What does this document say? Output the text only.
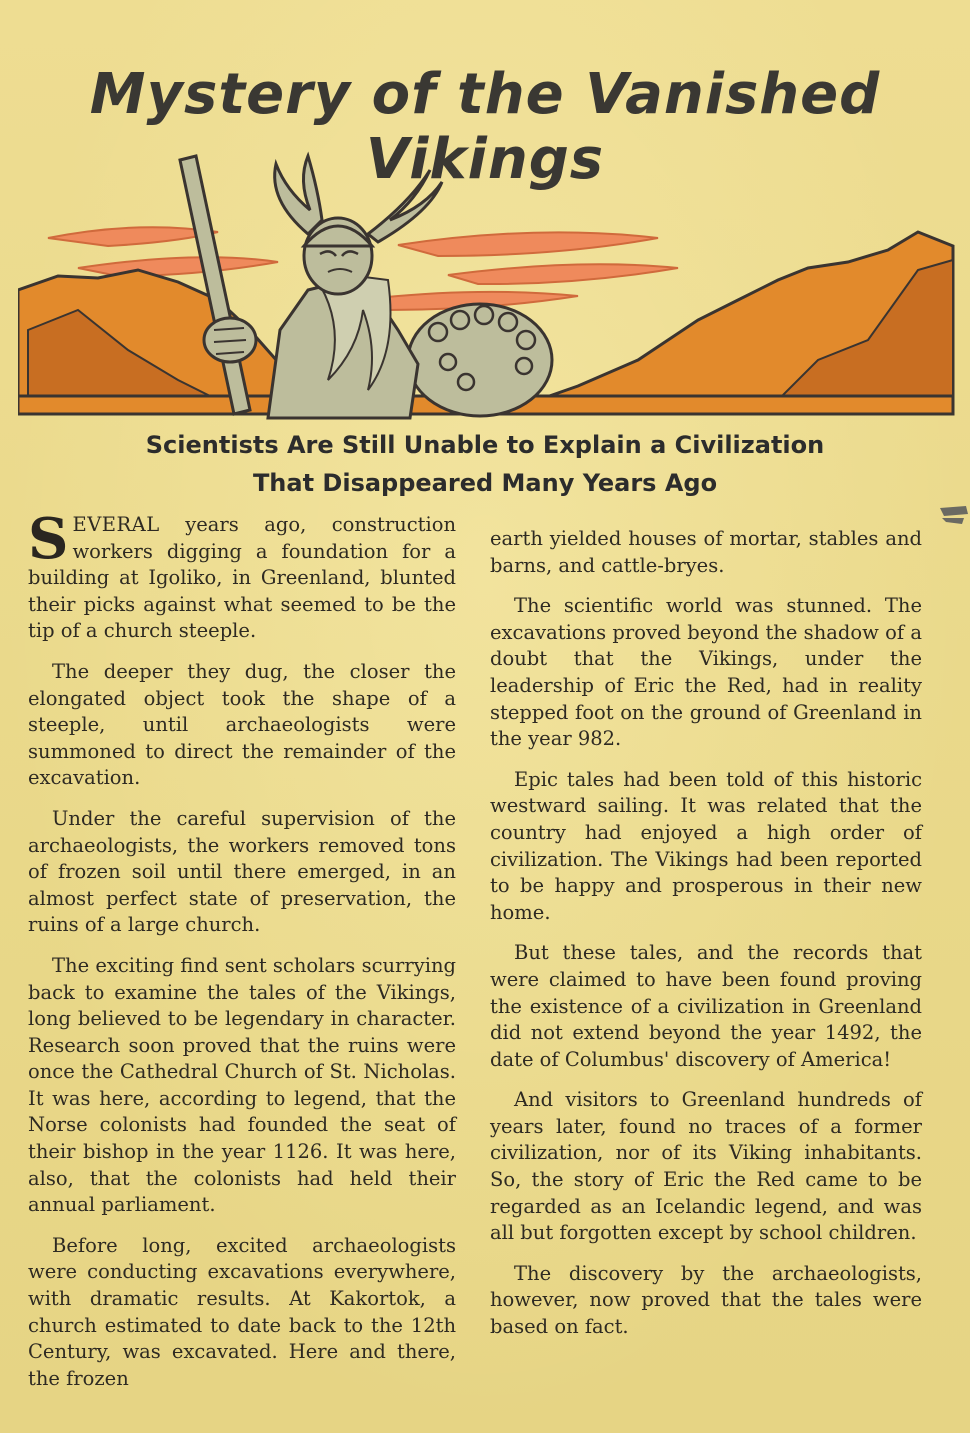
Mystery of the Vanished Vikings
Scientists Are Still Unable to Explain a Civilization
That Disappeared Many Years Ago

SEVERAL years ago, construction workers digging a foundation for a building at Igoliko, in Greenland, blunted their picks against what seemed to be the tip of a church steeple.

The deeper they dug, the closer the elongated object took the shape of a steeple, until archaeologists were summoned to direct the remainder of the excavation.

Under the careful supervision of the archaeologists, the workers removed tons of frozen soil until there emerged, in an almost perfect state of preservation, the ruins of a large church.

The exciting find sent scholars scurrying back to examine the tales of the Vikings, long believed to be legendary in character. Research soon proved that the ruins were once the Cathedral Church of St. Nicholas. It was here, according to legend, that the Norse colonists had founded the seat of their bishop in the year 1126. It was here, also, that the colonists had held their annual parliament.

Before long, excited archaeologists were conducting excavations everywhere, with dramatic results. At Kakortok, a church estimated to date back to the 12th Century, was excavated. Here and there, the frozen

earth yielded houses of mortar, stables and barns, and cattle-bryes.

The scientific world was stunned. The excavations proved beyond the shadow of a doubt that the Vikings, under the leadership of Eric the Red, had in reality stepped foot on the ground of Greenland in the year 982.

Epic tales had been told of this historic westward sailing. It was related that the country had enjoyed a high order of civilization. The Vikings had been reported to be happy and prosperous in their new home.

But these tales, and the records that were claimed to have been found proving the existence of a civilization in Greenland did not extend beyond the year 1492, the date of Columbus' discovery of America!

And visitors to Greenland hundreds of years later, found no traces of a former civilization, nor of its Viking inhabitants. So, the story of Eric the Red came to be regarded as an Icelandic legend, and was all but forgotten except by school children.

The discovery by the archaeologists, however, now proved that the tales were based on fact.
